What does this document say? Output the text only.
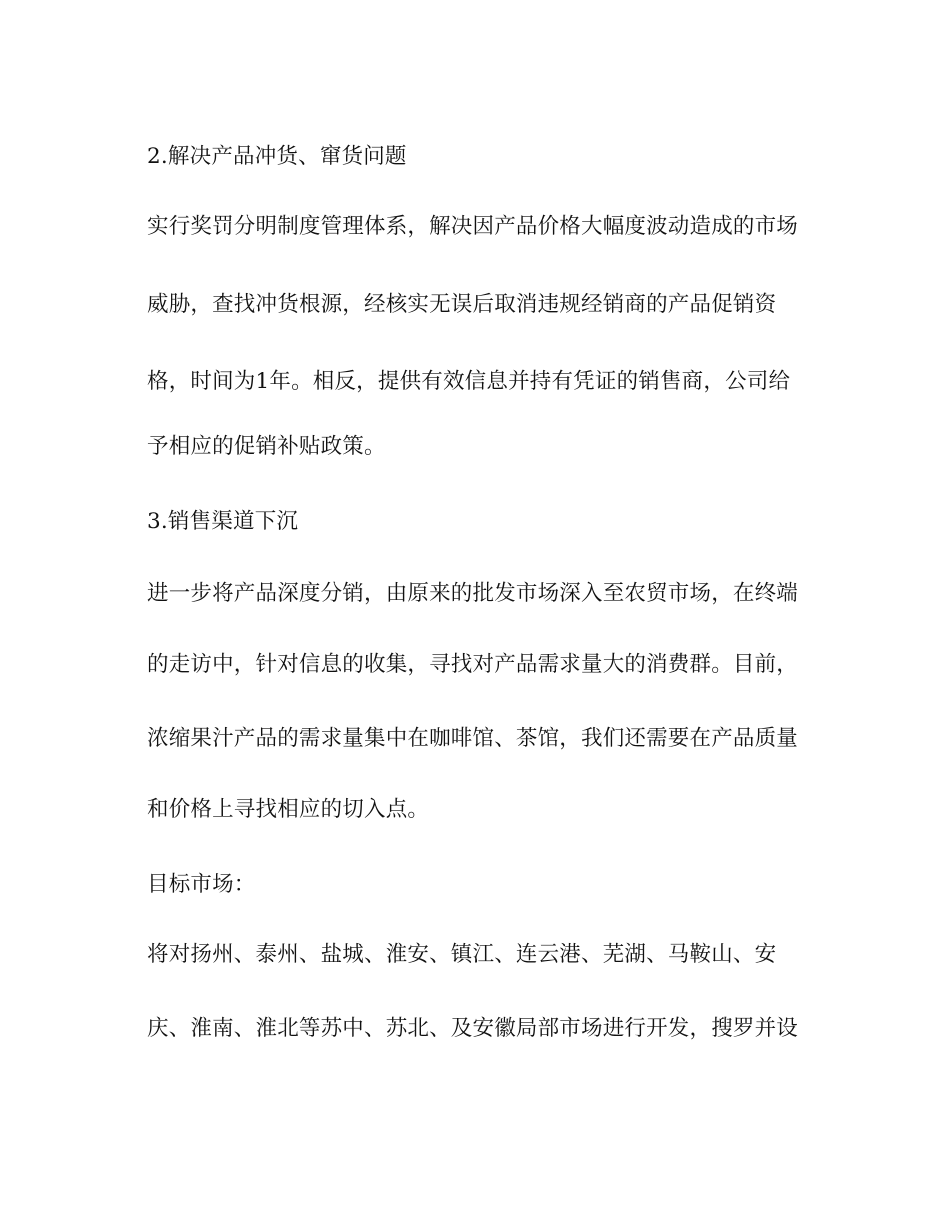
2.解决产品冲货、窜货问题
实行奖罚分明制度管理体系，解决因产品价格大幅度波动造成的市场
威胁，查找冲货根源，经核实无误后取消违规经销商的产品促销资
格，时间为1年。相反，提供有效信息并持有凭证的销售商，公司给
予相应的促销补贴政策。
3.销售渠道下沉
进一步将产品深度分销，由原来的批发市场深入至农贸市场，在终端
的走访中，针对信息的收集，寻找对产品需求量大的消费群。目前，
浓缩果汁产品的需求量集中在咖啡馆、茶馆，我们还需要在产品质量
和价格上寻找相应的切入点。
目标市场：
将对扬州、泰州、盐城、淮安、镇江、连云港、芜湖、马鞍山、安
庆、淮南、淮北等苏中、苏北、及安徽局部市场进行开发，搜罗并设
